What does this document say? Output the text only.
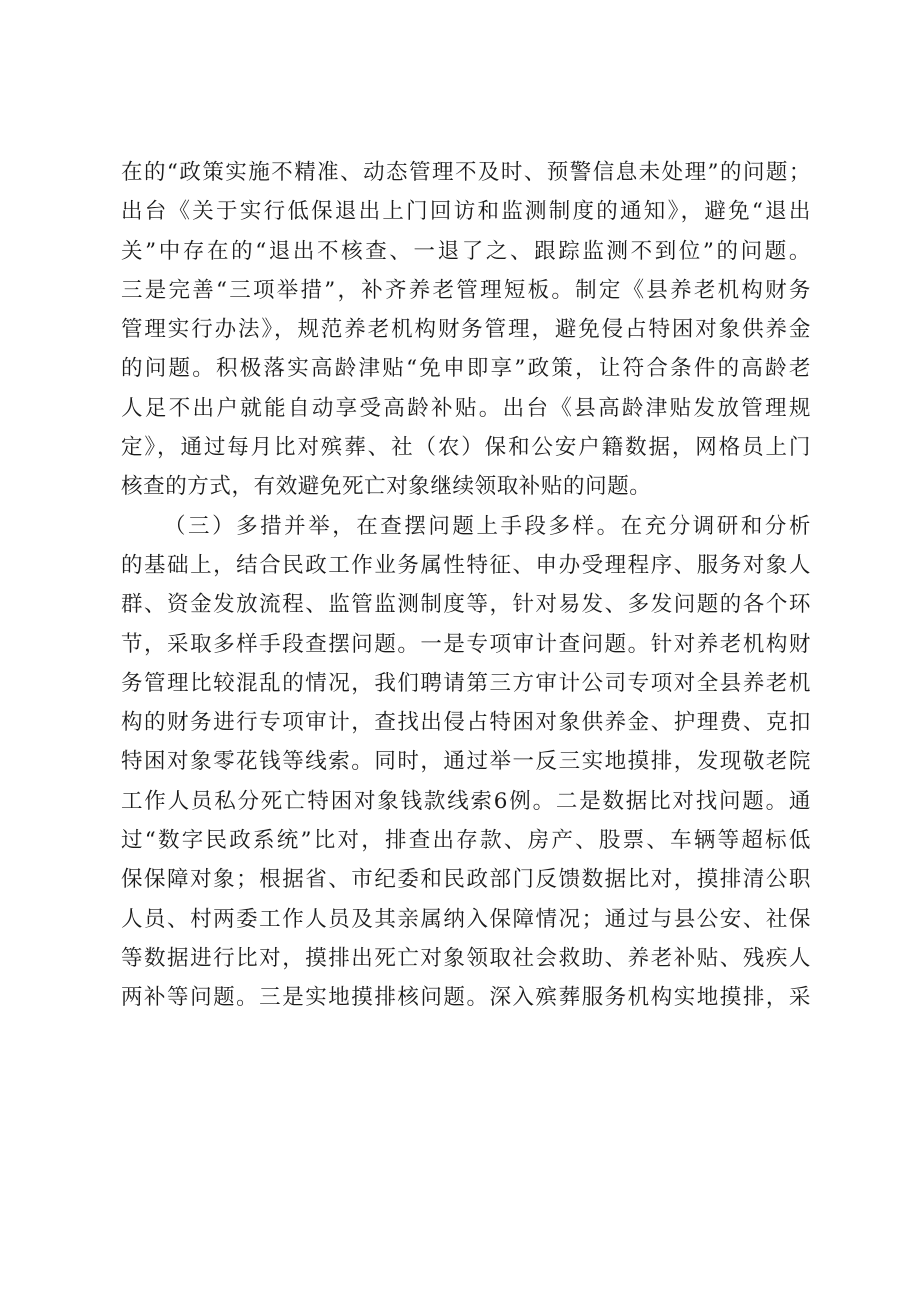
在的“政策实施不精准、动态管理不及时、预警信息未处理”的问题；
出台《关于实行低保退出上门回访和监测制度的通知》，避免“退出
关”中存在的“退出不核查、一退了之、跟踪监测不到位”的问题。
三是完善“三项举措”，补齐养老管理短板。制定《县养老机构财务
管理实行办法》，规范养老机构财务管理，避免侵占特困对象供养金
的问题。积极落实高龄津贴“免申即享”政策，让符合条件的高龄老
人足不出户就能自动享受高龄补贴。出台《县高龄津贴发放管理规
定》，通过每月比对殡葬、社（农）保和公安户籍数据，网格员上门
核查的方式，有效避免死亡对象继续领取补贴的问题。
（三）多措并举，在查摆问题上手段多样。在充分调研和分析
的基础上，结合民政工作业务属性特征、申办受理程序、服务对象人
群、资金发放流程、监管监测制度等，针对易发、多发问题的各个环
节，采取多样手段查摆问题。一是专项审计查问题。针对养老机构财
务管理比较混乱的情况，我们聘请第三方审计公司专项对全县养老机
构的财务进行专项审计，查找出侵占特困对象供养金、护理费、克扣
特困对象零花钱等线索。同时，通过举一反三实地摸排，发现敬老院
工作人员私分死亡特困对象钱款线索6例。二是数据比对找问题。通
过“数字民政系统”比对，排查出存款、房产、股票、车辆等超标低
保保障对象；根据省、市纪委和民政部门反馈数据比对，摸排清公职
人员、村两委工作人员及其亲属纳入保障情况；通过与县公安、社保
等数据进行比对，摸排出死亡对象领取社会救助、养老补贴、残疾人
两补等问题。三是实地摸排核问题。深入殡葬服务机构实地摸排，采
